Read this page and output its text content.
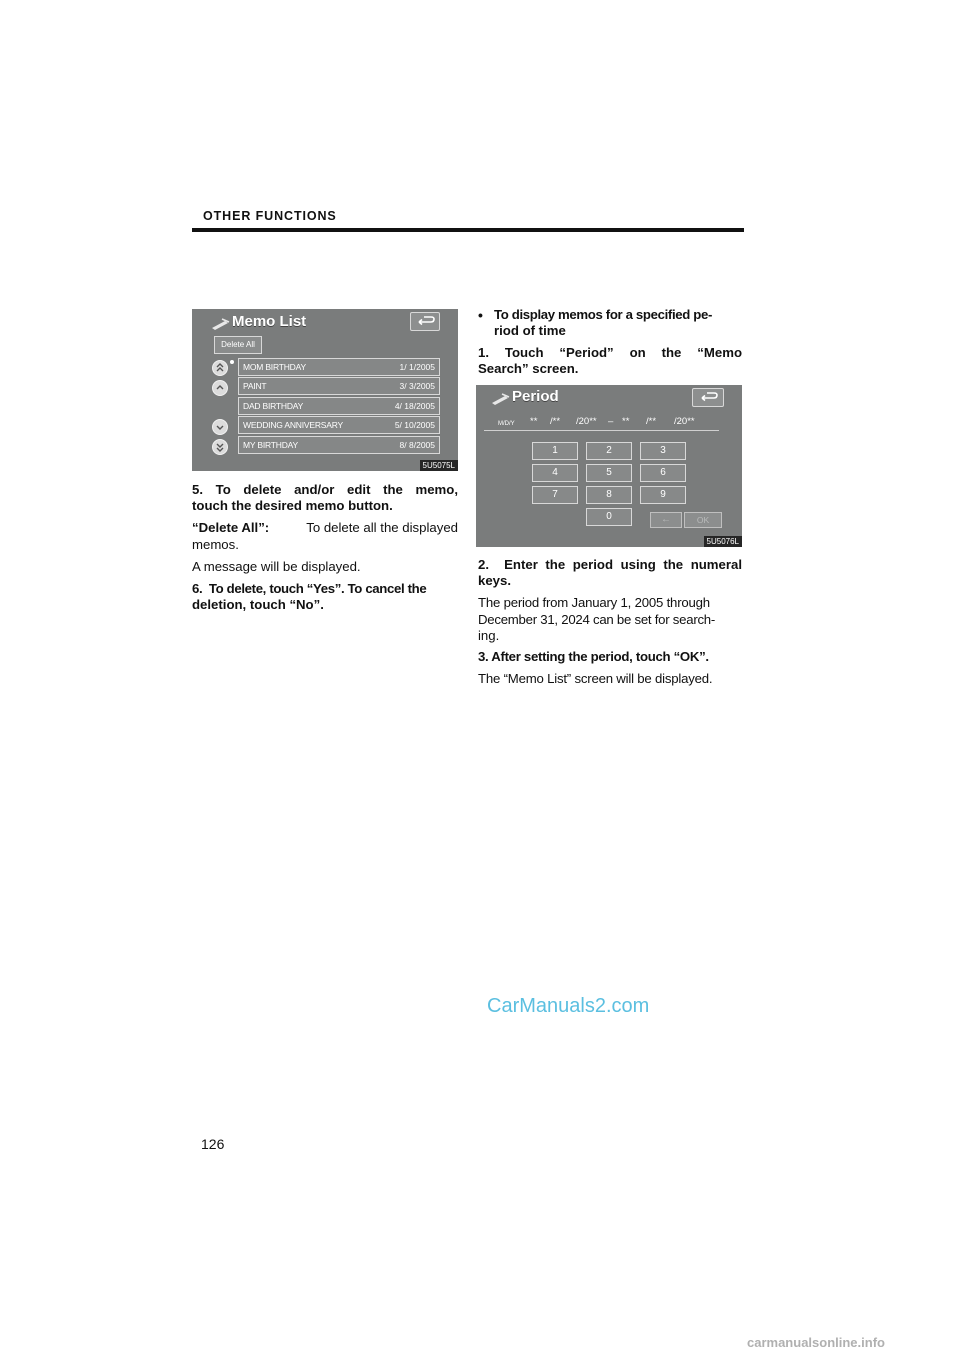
OTHER FUNCTIONS
Memo List
Delete All
MOM BIRTHDAY	1/ 1/2005
PAINT	3/ 3/2005
DAD BIRTHDAY	4/ 18/2005
WEDDING ANNIVERSARY	5/ 10/2005
MY BIRTHDAY	8/ 8/2005
5U5075L
5.  To  delete  and/or  edit  the  memo,
touch the desired memo button.
“Delete All”:	To delete all the displayed
memos.
A message will be displayed.
6.  To delete, touch “Yes”. To cancel the
deletion, touch “No”.
• To display memos for a specified pe-
riod of time
1.  Touch  “Period”  on  the  “Memo
Search” screen.
Period
M/D/Y ** /** /20** – ** /** /20**
1	2	3
4	5	6
7	8	9
0	←	OK
5U5076L
2.  Enter the period using the numeral
keys.
The period from January 1, 2005 through
December 31, 2024 can be set for search-
ing.
3. After setting the period, touch “OK”.
The “Memo List” screen will be displayed.
CarManuals2.com
126
carmanualsonline.info
